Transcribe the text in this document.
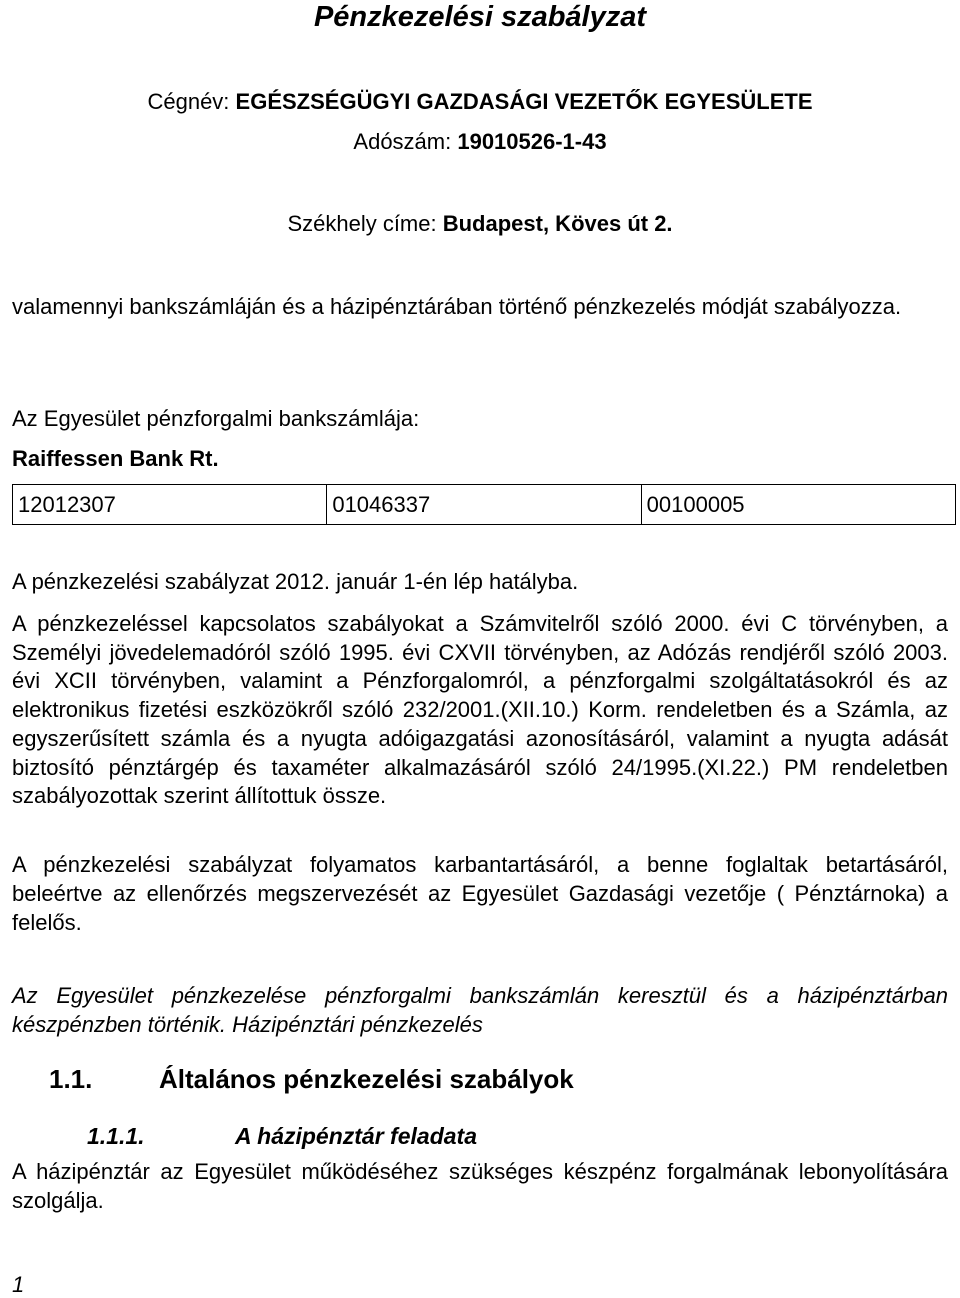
Pénzkezelési szabályzat
Cégnév: EGÉSZSÉGÜGYI GAZDASÁGI VEZETŐK EGYESÜLETE
Adószám: 19010526-1-43
Székhely címe: Budapest, Köves út 2.
valamennyi bankszámláján és a házipénztárában történő pénzkezelés módját szabályozza.
Az Egyesület pénzforgalmi bankszámlája:
Raiffessen Bank Rt.
12012307	01046337	00100005
A pénzkezelési szabályzat 2012. január 1-én lép hatályba.
A pénzkezeléssel kapcsolatos szabályokat a Számvitelről szóló 2000. évi C törvényben, a Személyi jövedelemadóról szóló 1995. évi CXVII törvényben, az Adózás rendjéről szóló 2003. évi XCII törvényben, valamint a Pénzforgalomról, a pénzforgalmi szolgáltatásokról és az elektronikus fizetési eszközökről szóló 232/2001.(XII.10.) Korm. rendeletben és a Számla, az egyszerűsített számla és a nyugta adóigazgatási azonosításáról, valamint a nyugta adását biztosító pénztárgép és taxaméter alkalmazásáról szóló 24/1995.(XI.22.) PM rendeletben szabályozottak szerint állítottuk össze.
A pénzkezelési szabályzat folyamatos karbantartásáról, a benne foglaltak betartásáról, beleértve az ellenőrzés megszervezését az Egyesület Gazdasági vezetője ( Pénztárnoka) a felelős.
Az Egyesület pénzkezelése pénzforgalmi bankszámlán keresztül és a házipénztárban készpénzben történik. Házipénztári pénzkezelés
1.1.	Általános pénzkezelési szabályok
1.1.1.	A házipénztár feladata
A házipénztár az Egyesület működéséhez szükséges készpénz forgalmának lebonyolítására szolgálja.
1
